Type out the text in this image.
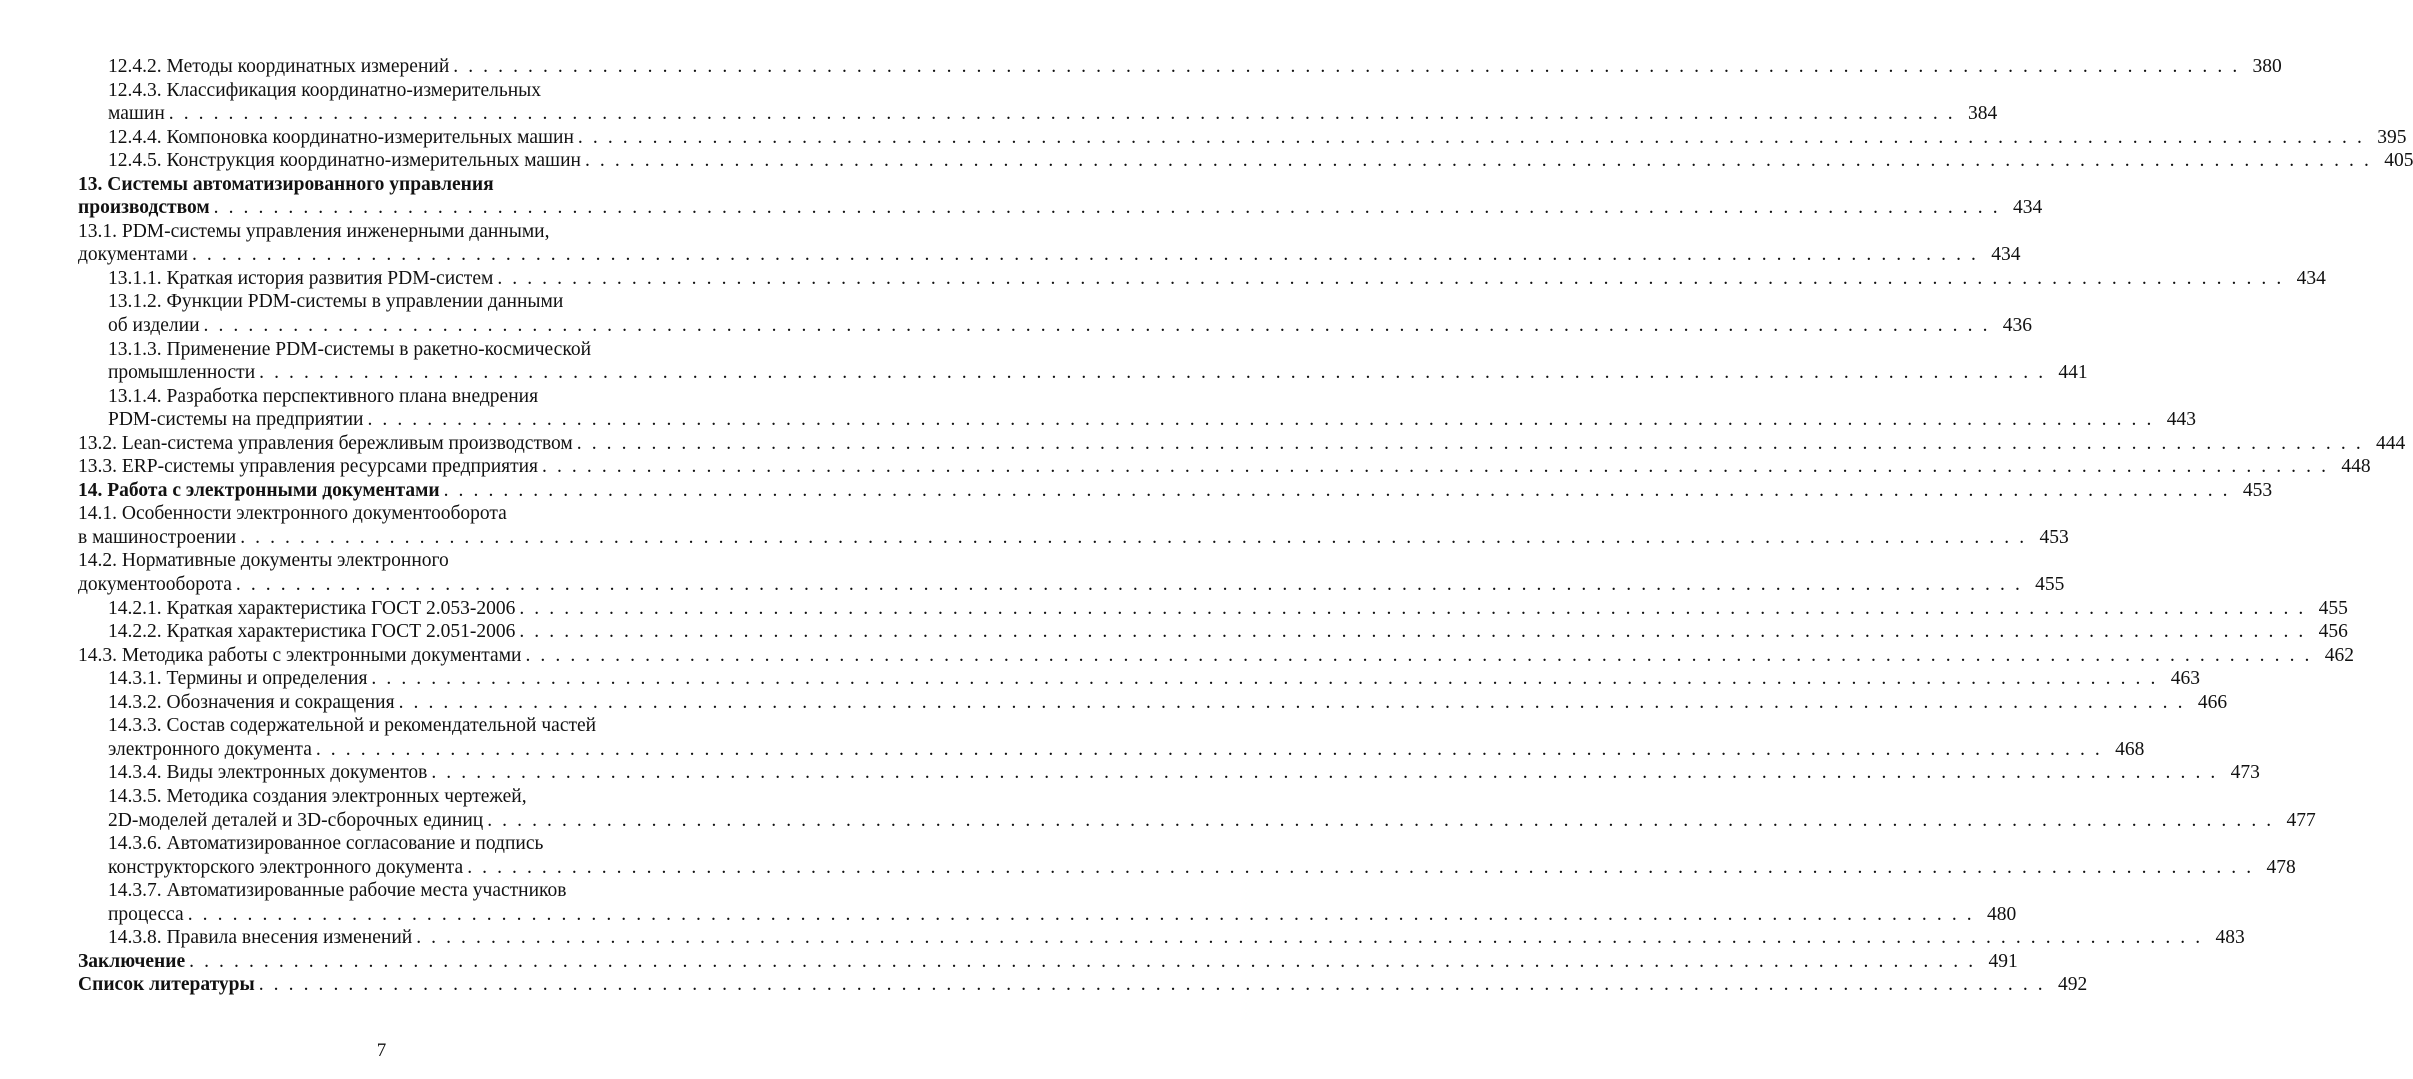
12.4.2. Методы координатных измерений . . . . . . . . . . . . . . . . . . . . . . . . . . . . . . . . . . . . . . . . . . . . . . . . . . . . . . . . . . . . . . . . . . . . . . . . . . . . . . . . . . . . . . . . . . . . . . . . . . . . . . . . . . . . . . . . . . . . . . . . 380
12.4.3. Классификация координатно-измерительных
машин . . . . . . . . . . . . . . . . . . . . . . . . . . . . . . . . . . . . . . . . . . . . . . . . . . . . . . . . . . . . . . . . . . . . . . . . . . . . . . . . . . . . . . . . . . . . . . . . . . . . . . . . . . . . . . . . . . . . . . . . 384
12.4.4. Компоновка координатно-измерительных машин . . . . . . . . . . . . . . . . . . . . . . . . . . . . . . . . . . . . . . . . . . . . . . . . . . . . . . . . . . . . . . . . . . . . . . . . . . . . . . . . . . . . . . . . . . . . . . . . . . . . . . . . . . . . . . . . . . . . . . . . 395
12.4.5. Конструкция координатно-измерительных машин . . . . . . . . . . . . . . . . . . . . . . . . . . . . . . . . . . . . . . . . . . . . . . . . . . . . . . . . . . . . . . . . . . . . . . . . . . . . . . . . . . . . . . . . . . . . . . . . . . . . . . . . . . . . . . . . . . . . . . . . 405
13. Системы автоматизированного управления
производством . . . . . . . . . . . . . . . . . . . . . . . . . . . . . . . . . . . . . . . . . . . . . . . . . . . . . . . . . . . . . . . . . . . . . . . . . . . . . . . . . . . . . . . . . . . . . . . . . . . . . . . . . . . . . . . . . . . . . . . . 434
13.1. PDM-системы управления инженерными данными,
документами . . . . . . . . . . . . . . . . . . . . . . . . . . . . . . . . . . . . . . . . . . . . . . . . . . . . . . . . . . . . . . . . . . . . . . . . . . . . . . . . . . . . . . . . . . . . . . . . . . . . . . . . . . . . . . . . . . . . . . . . 434
13.1.1. Краткая история развития PDM-систем . . . . . . . . . . . . . . . . . . . . . . . . . . . . . . . . . . . . . . . . . . . . . . . . . . . . . . . . . . . . . . . . . . . . . . . . . . . . . . . . . . . . . . . . . . . . . . . . . . . . . . . . . . . . . . . . . . . . . . . . 434
13.1.2. Функции PDM-системы в управлении данными
об изделии . . . . . . . . . . . . . . . . . . . . . . . . . . . . . . . . . . . . . . . . . . . . . . . . . . . . . . . . . . . . . . . . . . . . . . . . . . . . . . . . . . . . . . . . . . . . . . . . . . . . . . . . . . . . . . . . . . . . . . . . 436
13.1.3. Применение PDM-системы в ракетно-космической
промышленности . . . . . . . . . . . . . . . . . . . . . . . . . . . . . . . . . . . . . . . . . . . . . . . . . . . . . . . . . . . . . . . . . . . . . . . . . . . . . . . . . . . . . . . . . . . . . . . . . . . . . . . . . . . . . . . . . . . . . . . . 441
13.1.4. Разработка перспективного плана внедрения
PDM-системы на предприятии . . . . . . . . . . . . . . . . . . . . . . . . . . . . . . . . . . . . . . . . . . . . . . . . . . . . . . . . . . . . . . . . . . . . . . . . . . . . . . . . . . . . . . . . . . . . . . . . . . . . . . . . . . . . . . . . . . . . . . . . 443
13.2. Lean-система управления бережливым производством . . . . . . . . . . . . . . . . . . . . . . . . . . . . . . . . . . . . . . . . . . . . . . . . . . . . . . . . . . . . . . . . . . . . . . . . . . . . . . . . . . . . . . . . . . . . . . . . . . . . . . . . . . . . . . . . . . . . . . . . 444
13.3. ERP-системы управления ресурсами предприятия . . . . . . . . . . . . . . . . . . . . . . . . . . . . . . . . . . . . . . . . . . . . . . . . . . . . . . . . . . . . . . . . . . . . . . . . . . . . . . . . . . . . . . . . . . . . . . . . . . . . . . . . . . . . . . . . . . . . . . . . 448
14. Работа с электронными документами . . . . . . . . . . . . . . . . . . . . . . . . . . . . . . . . . . . . . . . . . . . . . . . . . . . . . . . . . . . . . . . . . . . . . . . . . . . . . . . . . . . . . . . . . . . . . . . . . . . . . . . . . . . . . . . . . . . . . . . . 453
14.1. Особенности электронного документооборота
в машиностроении . . . . . . . . . . . . . . . . . . . . . . . . . . . . . . . . . . . . . . . . . . . . . . . . . . . . . . . . . . . . . . . . . . . . . . . . . . . . . . . . . . . . . . . . . . . . . . . . . . . . . . . . . . . . . . . . . . . . . . . . 453
14.2. Нормативные документы электронного
документооборота . . . . . . . . . . . . . . . . . . . . . . . . . . . . . . . . . . . . . . . . . . . . . . . . . . . . . . . . . . . . . . . . . . . . . . . . . . . . . . . . . . . . . . . . . . . . . . . . . . . . . . . . . . . . . . . . . . . . . . . . 455
14.2.1. Краткая характеристика ГОСТ 2.053-2006 . . . . . . . . . . . . . . . . . . . . . . . . . . . . . . . . . . . . . . . . . . . . . . . . . . . . . . . . . . . . . . . . . . . . . . . . . . . . . . . . . . . . . . . . . . . . . . . . . . . . . . . . . . . . . . . . . . . . . . . . 455
14.2.2. Краткая характеристика ГОСТ 2.051-2006 . . . . . . . . . . . . . . . . . . . . . . . . . . . . . . . . . . . . . . . . . . . . . . . . . . . . . . . . . . . . . . . . . . . . . . . . . . . . . . . . . . . . . . . . . . . . . . . . . . . . . . . . . . . . . . . . . . . . . . . . 456
14.3. Методика работы с электронными документами . . . . . . . . . . . . . . . . . . . . . . . . . . . . . . . . . . . . . . . . . . . . . . . . . . . . . . . . . . . . . . . . . . . . . . . . . . . . . . . . . . . . . . . . . . . . . . . . . . . . . . . . . . . . . . . . . . . . . . . . 462
14.3.1. Термины и определения . . . . . . . . . . . . . . . . . . . . . . . . . . . . . . . . . . . . . . . . . . . . . . . . . . . . . . . . . . . . . . . . . . . . . . . . . . . . . . . . . . . . . . . . . . . . . . . . . . . . . . . . . . . . . . . . . . . . . . . . 463
14.3.2. Обозначения и сокращения . . . . . . . . . . . . . . . . . . . . . . . . . . . . . . . . . . . . . . . . . . . . . . . . . . . . . . . . . . . . . . . . . . . . . . . . . . . . . . . . . . . . . . . . . . . . . . . . . . . . . . . . . . . . . . . . . . . . . . . . 466
14.3.3. Состав содержательной и рекомендательной частей
электронного документа . . . . . . . . . . . . . . . . . . . . . . . . . . . . . . . . . . . . . . . . . . . . . . . . . . . . . . . . . . . . . . . . . . . . . . . . . . . . . . . . . . . . . . . . . . . . . . . . . . . . . . . . . . . . . . . . . . . . . . . . 468
14.3.4. Виды электронных документов . . . . . . . . . . . . . . . . . . . . . . . . . . . . . . . . . . . . . . . . . . . . . . . . . . . . . . . . . . . . . . . . . . . . . . . . . . . . . . . . . . . . . . . . . . . . . . . . . . . . . . . . . . . . . . . . . . . . . . . . 473
14.3.5. Методика создания электронных чертежей,
2D-моделей деталей и 3D-сборочных единиц . . . . . . . . . . . . . . . . . . . . . . . . . . . . . . . . . . . . . . . . . . . . . . . . . . . . . . . . . . . . . . . . . . . . . . . . . . . . . . . . . . . . . . . . . . . . . . . . . . . . . . . . . . . . . . . . . . . . . . . . 477
14.3.6. Автоматизированное согласование и подпись
конструкторского электронного документа . . . . . . . . . . . . . . . . . . . . . . . . . . . . . . . . . . . . . . . . . . . . . . . . . . . . . . . . . . . . . . . . . . . . . . . . . . . . . . . . . . . . . . . . . . . . . . . . . . . . . . . . . . . . . . . . . . . . . . . . 478
14.3.7. Автоматизированные рабочие места участников
процесса . . . . . . . . . . . . . . . . . . . . . . . . . . . . . . . . . . . . . . . . . . . . . . . . . . . . . . . . . . . . . . . . . . . . . . . . . . . . . . . . . . . . . . . . . . . . . . . . . . . . . . . . . . . . . . . . . . . . . . . . 480
14.3.8. Правила внесения изменений . . . . . . . . . . . . . . . . . . . . . . . . . . . . . . . . . . . . . . . . . . . . . . . . . . . . . . . . . . . . . . . . . . . . . . . . . . . . . . . . . . . . . . . . . . . . . . . . . . . . . . . . . . . . . . . . . . . . . . . . 483
Заключение . . . . . . . . . . . . . . . . . . . . . . . . . . . . . . . . . . . . . . . . . . . . . . . . . . . . . . . . . . . . . . . . . . . . . . . . . . . . . . . . . . . . . . . . . . . . . . . . . . . . . . . . . . . . . . . . . . . . . . . . 491
Список литературы . . . . . . . . . . . . . . . . . . . . . . . . . . . . . . . . . . . . . . . . . . . . . . . . . . . . . . . . . . . . . . . . . . . . . . . . . . . . . . . . . . . . . . . . . . . . . . . . . . . . . . . . . . . . . . . . . . . . . . . . 492
7
